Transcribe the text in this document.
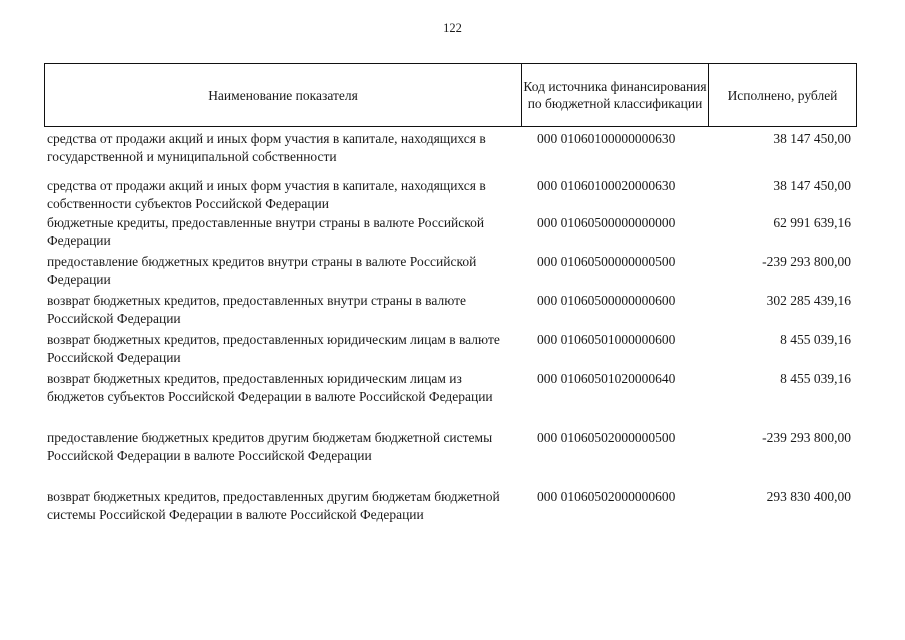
122
Наименование показателя
Код источника финансирования по бюджетной классификации
Исполнено, рублей
средства от продажи акций и иных форм участия в капитале, находящихся в государственной и муниципальной собственности
000 01060100000000630	38 147 450,00
средства от продажи акций и иных форм участия в капитале, находящихся в собственности субъектов Российской Федерации
000 01060100020000630	38 147 450,00
бюджетные кредиты, предоставленные внутри страны в валюте Российской Федерации
000 01060500000000000	62 991 639,16
предоставление бюджетных кредитов внутри страны в валюте Российской Федерации
000 01060500000000500	-239 293 800,00
возврат бюджетных кредитов, предоставленных внутри страны в валюте Российской Федерации
000 01060500000000600	302 285 439,16
возврат бюджетных кредитов, предоставленных юридическим лицам в валюте Российской Федерации
000 01060501000000600	8 455 039,16
возврат бюджетных кредитов, предоставленных юридическим лицам из бюджетов субъектов Российской Федерации в валюте Российской Федерации
000 01060501020000640	8 455 039,16
предоставление бюджетных кредитов другим бюджетам бюджетной системы Российской Федерации в валюте Российской Федерации
000 01060502000000500	-239 293 800,00
возврат бюджетных кредитов, предоставленных другим бюджетам бюджетной системы Российской Федерации в валюте Российской Федерации
000 01060502000000600	293 830 400,00
